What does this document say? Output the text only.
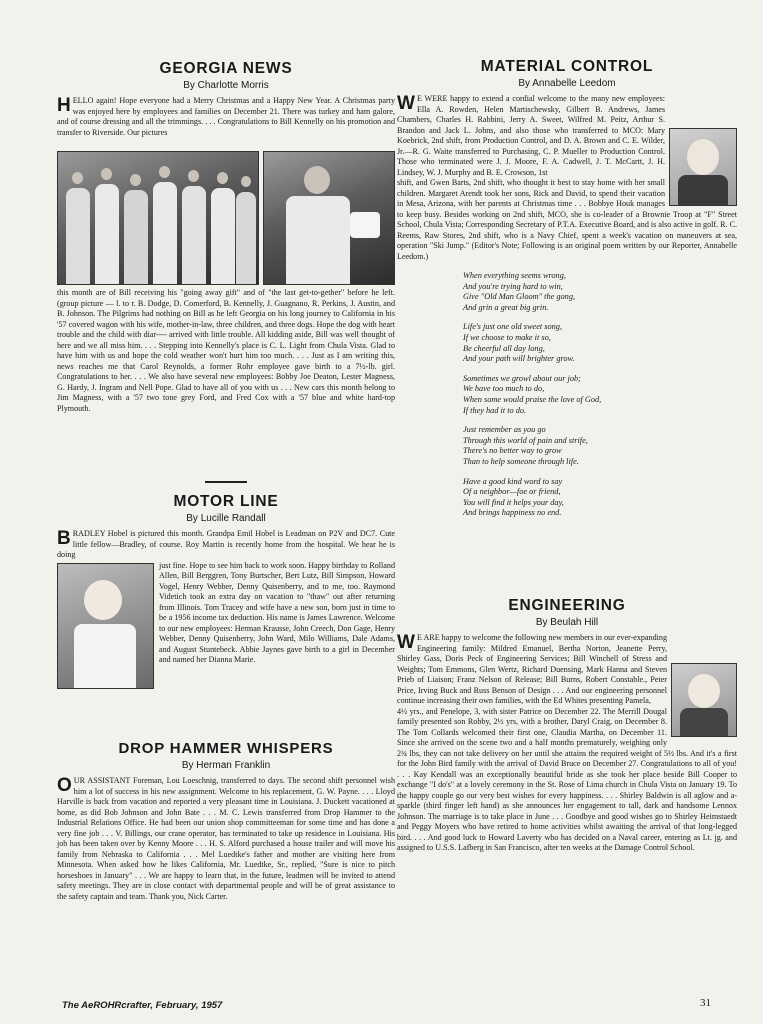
GEORGIA NEWS
By Charlotte Morris

HELLO again! Hope everyone had a Merry Christmas and a Happy New Year. A Christmas party was enjoyed here by employees and families on December 21. There was turkey and ham galore, and of course dressing and all the trimmings. . . . Congratulations to Bill Kennelly on his promotion and transfer to Riverside. Our pictures

this month are of Bill receiving his "going away gift" and of "the last get-to-gether" before he left. (group picture — l. to r. B. Dodge, D. Comerford, B. Kennelly, J. Guagnano, R. Perkins, J. Austin, and B. Johnson. The Pilgrims had nothing on Bill as he left Georgia on his long journey to California in his '57 covered wagon with his wife, mother-in-law, three children, and three dogs. Hope the dog with heart trouble and the child with diar---- arrived with little trouble. All kidding aside, Bill was well thought of here and we all miss him. . . . Stepping into Kennelly's place is C. L. Light from Chula Vista. Glad to have him with us and hope the cold weather won't hurt him too much. . . . Just as I am writing this, news reaches me that Carol Reynolds, a former Rohr employee gave birth to a 7½-lb. girl. Congratulations to her. . . . We also have several new employees: Bobby Joe Deaton, Lester Magness, G. Hardy, J. Ingram and Nell Pope. Glad to have all of you with us . . . New cars this month belong to Jim Magness, with a '57 two tone grey Ford, and Fred Cox with a '57 blue and white hard-top Plymouth.

MOTOR LINE
By Lucille Randall

BRADLEY Hobel is pictured this month. Grandpa Emil Hobel is Leadman on P2V and DC7. Cute little fellow—Bradley, of course. Roy Martin is recently home from the hospital. We hear he is doing

just fine. Hope to see him back to work soon. Happy birthday to Rolland Allen, Bill Berggren, Tony Burtscher, Bert Lutz, Bill Simpson, Howard Vogel, Henry Webber, Denny Quisenberry, and to me, too. Raymond Videtich took an extra day on vacation to "thaw" out after returning from Illinois. Tom Tracey and wife have a new son, born just in time to be a 1956 income tax deduction. His name is James Lawrence. Welcome to our new employees: Herman Krausse, John Creech, Don Gage, Henry Webber, Denny Quisenberry, John Ward, Milo Williams, Dale Adams, and August Stuntebeck. Abbie Jaynes gave birth to a girl in December and named her Dianna Marie.

DROP HAMMER WHISPERS
By Herman Franklin

OUR ASSISTANT Foreman, Lou Loeschnig, transferred to days. The second shift personnel wish him a lot of success in his new assignment. Welcome to his replacement, G. W. Payne. . . . Lloyd Harville is back from vacation and reported a very pleasant time in Louisiana. J. Duckett vacationed at home, as did Bob Johnson and John Bate . . . M. C. Lewis transferred from Drop Hammer to the Industrial Relations Office. He had been our union shop committeeman for some time and has done a very fine job . . . V. Billings, our crane operator, has terminated to take up residence in Louisiana. His job has been taken over by Kenny Moore . . . H. S. Alford purchased a house trailer and will move his family from Nebraska to California . . . Mel Luedtke's father and mother are visiting here from Minnesota. When asked how he likes California, Mr. Luedtke, Sr., replied, "Sure is nice to pitch horseshoes in January" . . . We are happy to learn that, in the future, leadmen will be invited to attend safety meetings. They are in close contact with departmental people and will be of great assistance to the safety captain and team. Thank you, Nick Carter.

MATERIAL CONTROL
By Annabelle Leedom

W E WERE happy to extend a cordial welcome to the many new employees: Ella A. Rowden, Helen Martischewsky, Gilbert B. Andrews, James Chambers, Charles H. Rabbini, Jerry A. Sweet, Wilfred M. Peitz, Arthur S. Brandon and Jack L. Johns, and also those who transferred to MCO: Mary Koebrick, 2nd shift, from Production Control, and D. A. Brown and C. E. Wilder, Jr.—R. G. Waite transferred to Purchasing, C. P. Mueller to Production Control. Those who terminated were J. J. Moore, F. A. Cadwell, J. T. McCartt, J. H. Lindsey, W. J. Murphy and B. E. Crowson, 1st

shift, and Gwen Barts, 2nd shift, who thought it best to stay home with her small children. Margaret Arendt took her sons, Rick and David, to spend their vacation in Mesa, Arizona, with her parents at Christmas time . . . Bobbye Houk manages to keep busy. Besides working on 2nd shift, MCO, she is co-leader of a Brownie Troop at "F" Street School, Chula Vista; Corresponding Secretary of P.T.A. Executive Board, and is also active in golf. R. C. Reems, Raw Stores, 2nd shift, who is a Navy Chief, spent a week's vacation on maneuvers at sea, operation "Ski Jump." (Editor's Note; Following is an original poem written by our Reporter, Annabelle Leedom.)

When everything seems wrong,
And you're trying hard to win,
Give "Old Man Gloom" the gong,
And grin a great big grin.
Life's just one old sweet song,
If we choose to make it so,
Be cheerful all day long,
And your path will brighter grow.
Sometimes we growl about our job;
We have too much to do,
When some would praise the love of God,
If they had it to do.
Just remember as you go
Through this world of pain and strife,
There's no better way to grow
Than to help someone through life.
Have a good kind word to say
Of a neighbor—foe or friend,
You will find it helps your day,
And brings happiness no end.
ENGINEERING
By Beulah Hill

W E ARE happy to welcome the following new members in our ever-expanding Engineering family: Mildred Emanuel, Bertha Norton, Jeanette Perry, Shirley Gass, Doris Peck of Engineering Services; Bill Winchell of Stress and Weights; Tom Emmons, Glen Wertz, Richard Duensing, Mark Hanna and Steven Prieb of Liaison; Franz Nelson of Release; Bill Burns, Robert Constable., Peter Price, Irving Buck and Russ Benson of Design . . . And our engineering personnel continue increasing their own families, with the Ed Whites presenting Pamela,

4½ yrs., and Penelope, 3, with sister Patrice on December 22. The Merrill Dougal family presented son Robby, 2½ yrs, with a brother, Daryl Craig, on December 8. The Tom Collards welcomed their first one, Claudia Martha, on December 11. Since she arrived on the scene two and a half months prematurely, weighing only 2¾ lbs, they can not take delivery on her until she attains the required weight of 5½ lbs. And it's a first for the John Bird family with the arrival of David Bruce on December 27. Congratulations to all of you! . . . Kay Kendall was an exceptionally beautiful bride as she took her place beside Bill Cooper to exchange "I do's" at a lovely ceremony in the St. Rose of Lima church in Chula Vista on January 19. To the happy couple go our very best wishes for every happiness. . . . Shirley Baldwin is all aglow and a-sparkle (third finger left hand) as she announces her engagement to tall, dark and handsome Lennox Johnson. The marriage is to take place in June . . . Goodbye and good wishes go to Shirley Heimstaedt and Peggy Moyers who have retired to home activities whilst awaiting the arrival of that long-legged bird. . . . And good luck to Howard Laverty who has decided on a Naval career, entering as Lt. jg. and assigned to U.S.S. Lafberg in San Francisco, after ten weeks at the Damage Control School.

The AeROHRcrafter, February, 1957	31
